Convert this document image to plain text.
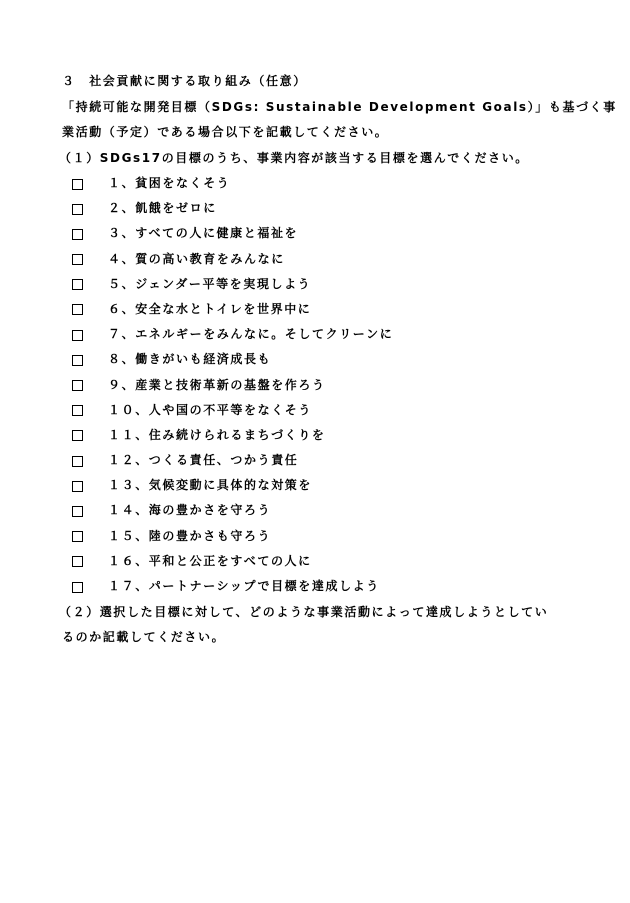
３　社会貢献に関する取り組み（任意）
「持続可能な開発目標（SDGs: Sustainable Development Goals）」も基づく事
業活動（予定）である場合以下を記載してください。
（１）SDGs17の目標のうち、事業内容が該当する目標を選んでください。
１、貧困をなくそう
２、飢餓をゼロに
３、すべての人に健康と福祉を
４、質の高い教育をみんなに
５、ジェンダー平等を実現しよう
６、安全な水とトイレを世界中に
７、エネルギーをみんなに。そしてクリーンに
８、働きがいも経済成長も
９、産業と技術革新の基盤を作ろう
１０、人や国の不平等をなくそう
１１、住み続けられるまちづくりを
１２、つくる責任、つかう責任
１３、気候変動に具体的な対策を
１４、海の豊かさを守ろう
１５、陸の豊かさも守ろう
１６、平和と公正をすべての人に
１７、パートナーシップで目標を達成しよう
（２）選択した目標に対して、どのような事業活動によって達成しようとしてい
るのか記載してください。
